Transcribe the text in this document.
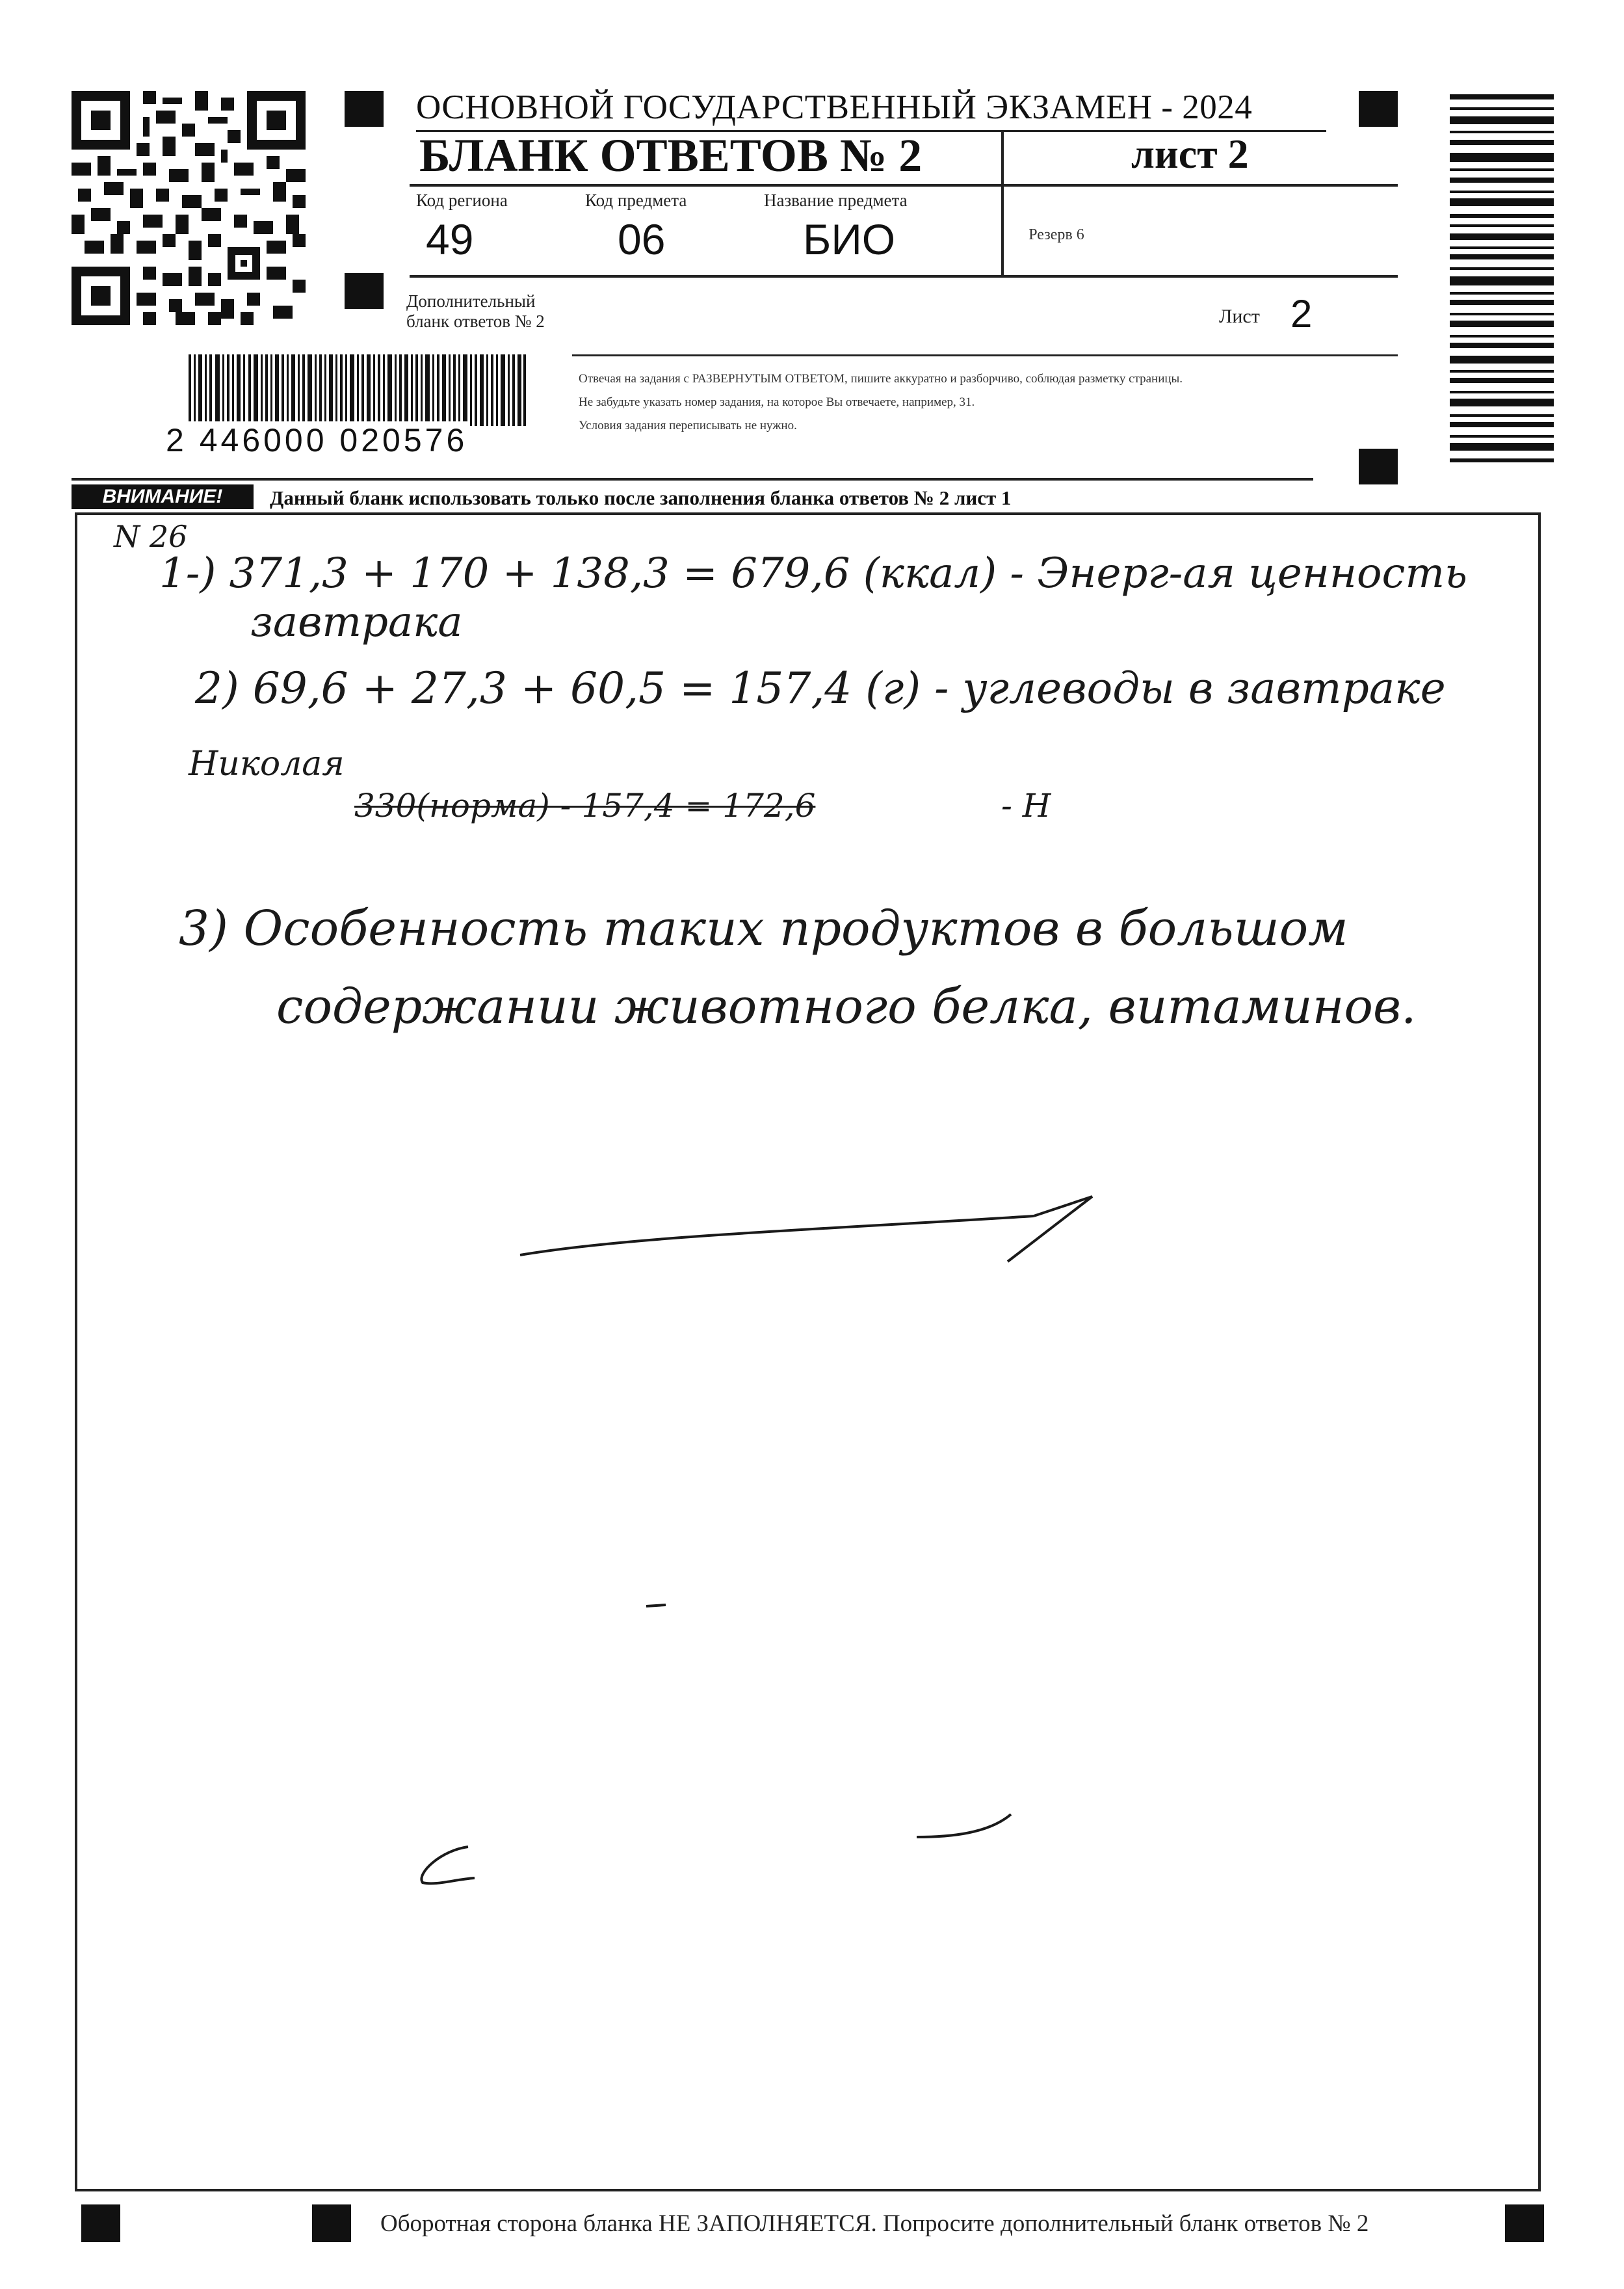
ОСНОВНОЙ ГОСУДАРСТВЕННЫЙ ЭКЗАМЕН - 2024
БЛАНК ОТВЕТОВ № 2	лист 2
Код региона
49
Код предмета
06
Название предмета
БИО	Резерв 6
Дополнительный
бланк ответов № 2	Лист 2
2 446000 020576
Отвечая на задания с РАЗВЕРНУТЫМ ОТВЕТОМ, пишите аккуратно и разборчиво, соблюдая разметку страницы.
Не забудьте указать номер задания, на которое Вы отвечаете, например, 31.
Условия задания переписывать не нужно.
ВНИМАНИЕ!	Данный бланк использовать только после заполнения бланка ответов № 2 лист 1
N 26
1-) 371,3 + 170 + 138,3 = 679,6 (ккал) - Энерг-ая ценность
завтрака
2) 69,6 + 27,3 + 60,5 = 157,4 (г) - углеводы в завтраке
Николая
330(норма) - 157,4 = 172,6	- Н
3) Особенность таких продуктов в большом
содержании животного белка, витаминов.
Оборотная сторона бланка НЕ ЗАПОЛНЯЕТСЯ. Попросите дополнительный бланк ответов № 2
